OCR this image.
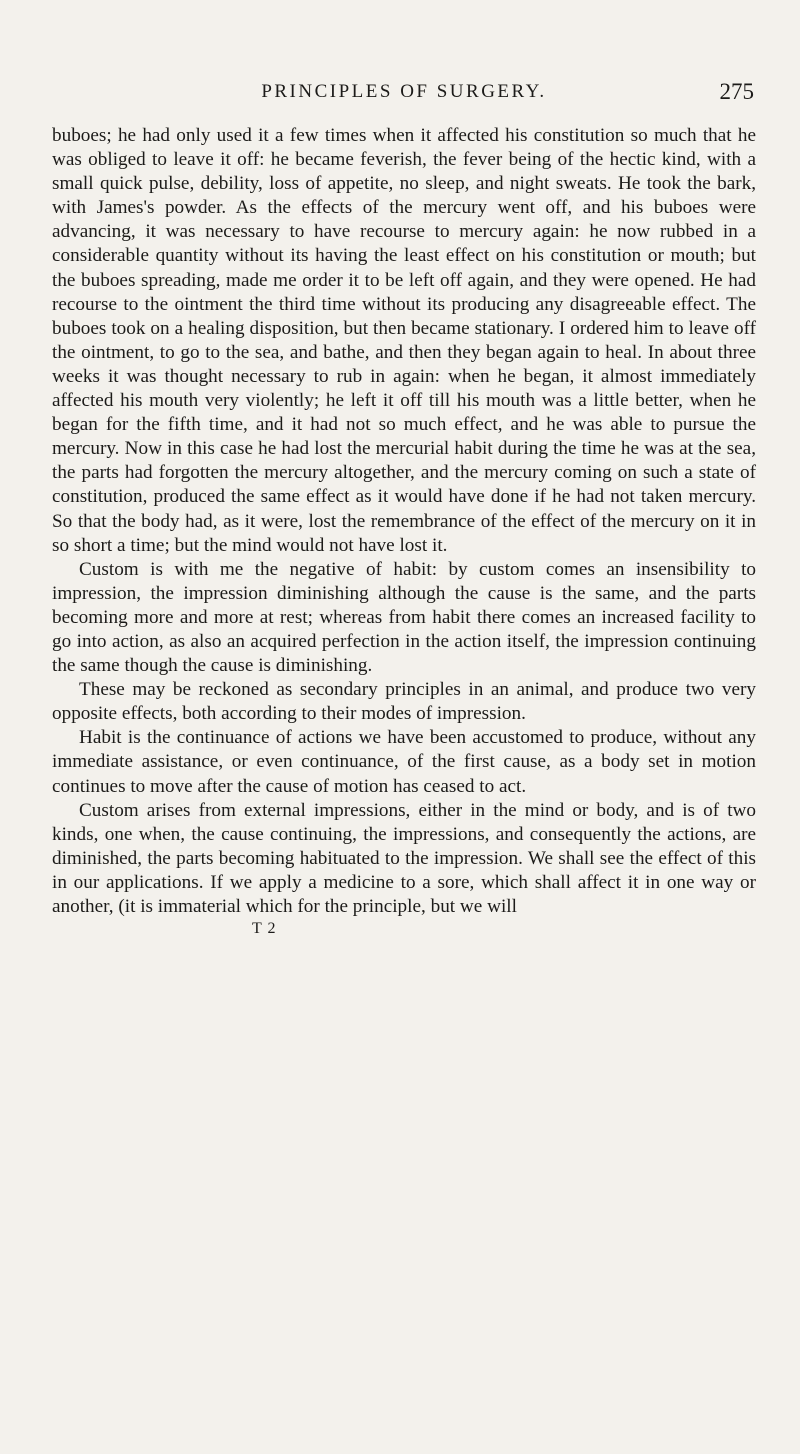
PRINCIPLES OF SURGERY.	275

buboes; he had only used it a few times when it affected his constitution so much that he was obliged to leave it off: he became feverish, the fever being of the hectic kind, with a small quick pulse, debility, loss of appetite, no sleep, and night sweats. He took the bark, with James's powder. As the effects of the mercury went off, and his buboes were advancing, it was necessary to have recourse to mercury again: he now rubbed in a considerable quantity without its having the least effect on his constitution or mouth; but the buboes spreading, made me order it to be left off again, and they were opened. He had recourse to the ointment the third time without its producing any disagreeable effect. The buboes took on a healing disposition, but then became stationary. I ordered him to leave off the ointment, to go to the sea, and bathe, and then they began again to heal. In about three weeks it was thought necessary to rub in again: when he began, it almost immediately affected his mouth very violently; he left it off till his mouth was a little better, when he began for the fifth time, and it had not so much effect, and he was able to pursue the mercury. Now in this case he had lost the mercurial habit during the time he was at the sea, the parts had forgotten the mercury altogether, and the mercury coming on such a state of constitution, produced the same effect as it would have done if he had not taken mercury. So that the body had, as it were, lost the remembrance of the effect of the mercury on it in so short a time; but the mind would not have lost it.

Custom is with me the negative of habit: by custom comes an insensibility to impression, the impression diminishing although the cause is the same, and the parts becoming more and more at rest; whereas from habit there comes an increased facility to go into action, as also an acquired perfection in the action itself, the impression continuing the same though the cause is diminishing.

These may be reckoned as secondary principles in an animal, and produce two very opposite effects, both according to their modes of impression.

Habit is the continuance of actions we have been accustomed to produce, without any immediate assistance, or even continuance, of the first cause, as a body set in motion continues to move after the cause of motion has ceased to act.

Custom arises from external impressions, either in the mind or body, and is of two kinds, one when, the cause continuing, the impressions, and consequently the actions, are diminished, the parts becoming habituated to the impression. We shall see the effect of this in our applications. If we apply a medicine to a sore, which shall affect it in one way or another, (it is immaterial which for the principle, but we will

T 2
